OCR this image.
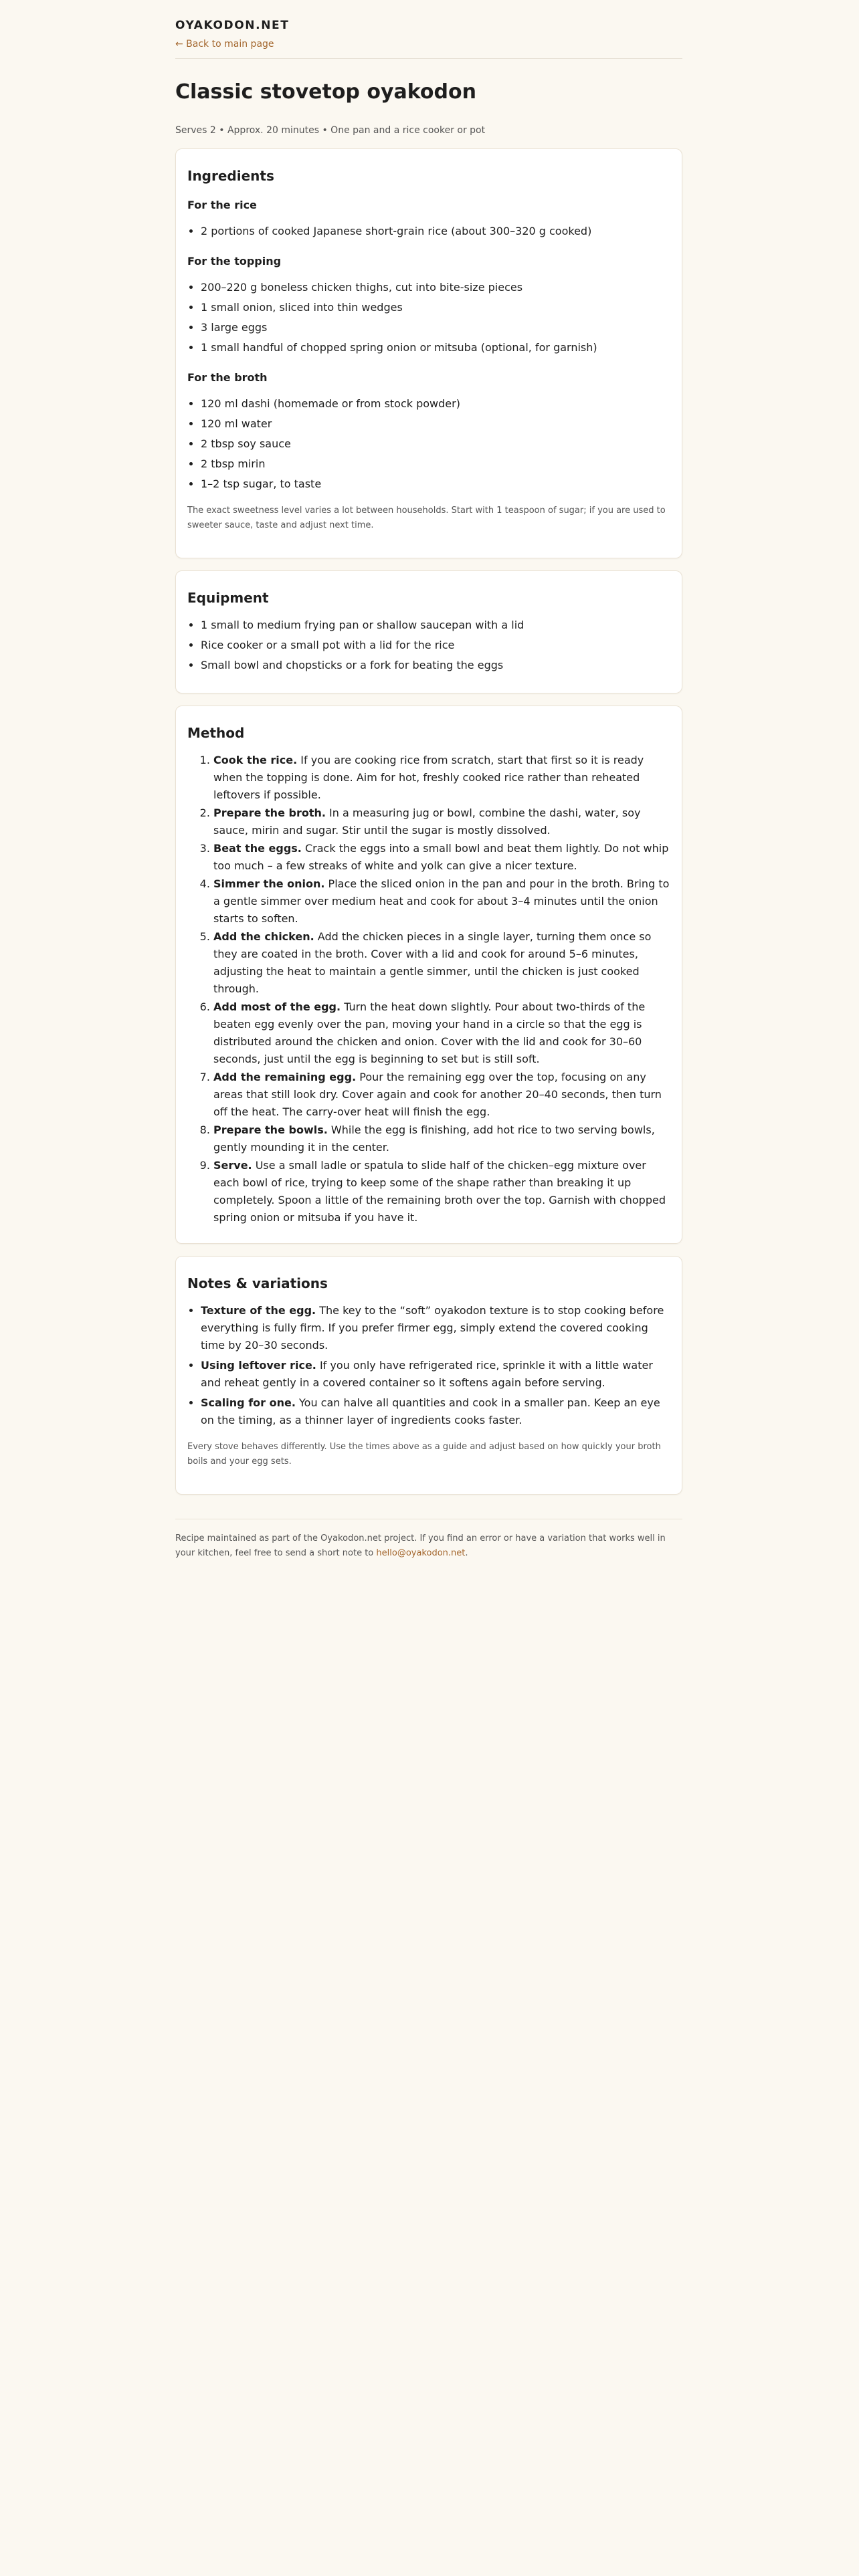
OYAKODON.NET
← Back to main page
Classic stovetop oyakodon
Serves 2 • Approx. 20 minutes • One pan and a rice cooker or pot
Ingredients
For the rice
• 2 portions of cooked Japanese short-grain rice (about 300–320 g cooked)
For the topping
• 200–220 g boneless chicken thighs, cut into bite-size pieces
• 1 small onion, sliced into thin wedges
• 3 large eggs
• 1 small handful of chopped spring onion or mitsuba (optional, for garnish)
For the broth
• 120 ml dashi (homemade or from stock powder)
• 120 ml water
• 2 tbsp soy sauce
• 2 tbsp mirin
• 1–2 tsp sugar, to taste

The exact sweetness level varies a lot between households. Start with 1 teaspoon of sugar; if you are used to sweeter sauce, taste and adjust next time.

Equipment
• 1 small to medium frying pan or shallow saucepan with a lid
• Rice cooker or a small pot with a lid for the rice
• Small bowl and chopsticks or a fork for beating the eggs
Method
1. Cook the rice. If you are cooking rice from scratch, start that first so it is ready when the topping is done. Aim for hot, freshly cooked rice rather than reheated leftovers if possible.
2. Prepare the broth. In a measuring jug or bowl, combine the dashi, water, soy sauce, mirin and sugar. Stir until the sugar is mostly dissolved.
3. Beat the eggs. Crack the eggs into a small bowl and beat them lightly. Do not whip too much – a few streaks of white and yolk can give a nicer texture.
4. Simmer the onion. Place the sliced onion in the pan and pour in the broth. Bring to a gentle simmer over medium heat and cook for about 3–4 minutes until the onion starts to soften.
5. Add the chicken. Add the chicken pieces in a single layer, turning them once so they are coated in the broth. Cover with a lid and cook for around 5–6 minutes, adjusting the heat to maintain a gentle simmer, until the chicken is just cooked through.
6. Add most of the egg. Turn the heat down slightly. Pour about two-thirds of the beaten egg evenly over the pan, moving your hand in a circle so that the egg is distributed around the chicken and onion. Cover with the lid and cook for 30–60 seconds, just until the egg is beginning to set but is still soft.
7. Add the remaining egg. Pour the remaining egg over the top, focusing on any areas that still look dry. Cover again and cook for another 20–40 seconds, then turn off the heat. The carry-over heat will finish the egg.
8. Prepare the bowls. While the egg is finishing, add hot rice to two serving bowls, gently mounding it in the center.
9. Serve. Use a small ladle or spatula to slide half of the chicken–egg mixture over each bowl of rice, trying to keep some of the shape rather than breaking it up completely. Spoon a little of the remaining broth over the top. Garnish with chopped spring onion or mitsuba if you have it.
Notes & variations
• Texture of the egg. The key to the “soft” oyakodon texture is to stop cooking before everything is fully firm. If you prefer firmer egg, simply extend the covered cooking time by 20–30 seconds.
• Using leftover rice. If you only have refrigerated rice, sprinkle it with a little water and reheat gently in a covered container so it softens again before serving.
• Scaling for one. You can halve all quantities and cook in a smaller pan. Keep an eye on the timing, as a thinner layer of ingredients cooks faster.

Every stove behaves differently. Use the times above as a guide and adjust based on how quickly your broth boils and your egg sets.

Recipe maintained as part of the Oyakodon.net project. If you find an error or have a variation that works well in your kitchen, feel free to send a short note to hello@oyakodon.net.
